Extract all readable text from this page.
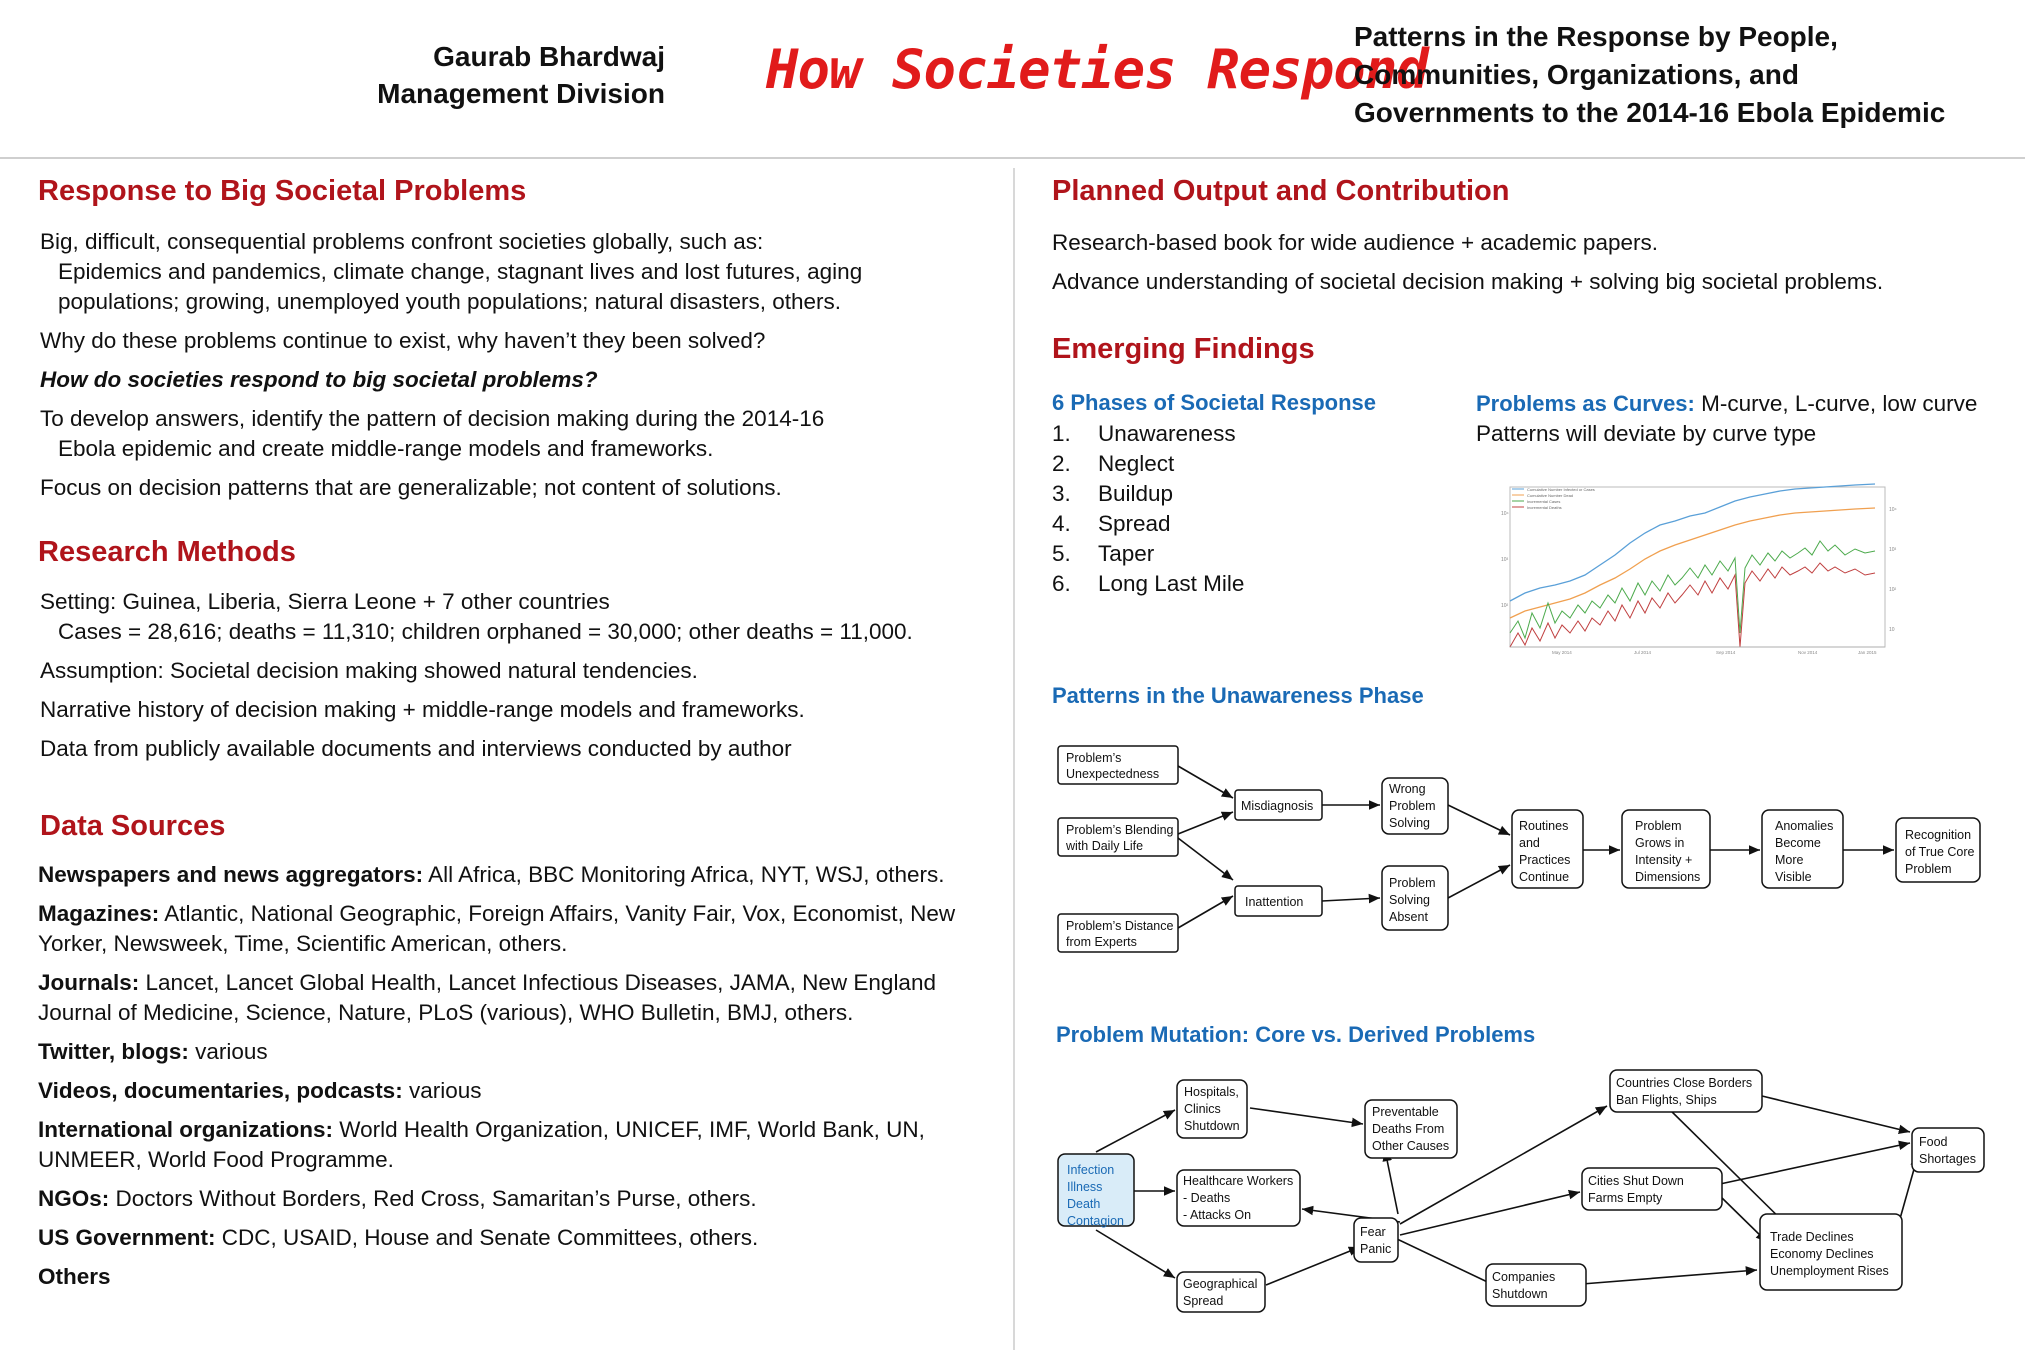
Gaurab Bhardwaj
Management Division How Societies Respond
Patterns in the Response by People,
Communities, Organizations, and
Governments to the 2014-16 Ebola Epidemic
Response to Big Societal Problems

Big, difficult, consequential problems confront societies globally, such as:
Epidemics and pandemics, climate change, stagnant lives and lost futures, aging
populations; growing, unemployed youth populations; natural disasters, others.

Why do these problems continue to exist, why haven’t they been solved?

How do societies respond to big societal problems?

To develop answers, identify the pattern of decision making during the 2014-16
Ebola epidemic and create middle-range models and frameworks.

Focus on decision patterns that are generalizable; not content of solutions.

Research Methods

Setting: Guinea, Liberia, Sierra Leone + 7 other countries
Cases = 28,616; deaths = 11,310; children orphaned = 30,000; other deaths = 11,000.

Assumption: Societal decision making showed natural tendencies.

Narrative history of decision making + middle-range models and frameworks.

Data from publicly available documents and interviews conducted by author

Data Sources

Newspapers and news aggregators: All Africa, BBC Monitoring Africa, NYT, WSJ, others.

Magazines: Atlantic, National Geographic, Foreign Affairs, Vanity Fair, Vox, Economist, New Yorker, Newsweek, Time, Scientific American, others.

Journals: Lancet, Lancet Global Health, Lancet Infectious Diseases, JAMA, New England Journal of Medicine, Science, Nature, PLoS (various), WHO Bulletin, BMJ, others.

Twitter, blogs: various

Videos, documentaries, podcasts: various

International organizations: World Health Organization, UNICEF, IMF, World Bank, UN, UNMEER, World Food Programme.

NGOs: Doctors Without Borders, Red Cross, Samaritan’s Purse, others.

US Government: CDC, USAID, House and Senate Committees, others.

Others

Planned Output and Contribution

Research-based book for wide audience + academic papers.

Advance understanding of societal decision making + solving big societal problems.

Emerging Findings
6 Phases of Societal Response
1. Unawareness
2. Neglect
3. Buildup
4. Spread
5. Taper
6. Long Last Mile
Problems as Curves: M-curve, L-curve, low curve
Patterns will deviate by curve type
Cumulative Number Infected or Cases
Cumulative Number Dead
Incremental Cases
Incremental Deaths
May 2014	Jul 2014	Sep 2014	Nov 2014	Jan 2015
10⁴
10³
10²
10⁴
10³
10²
10
Patterns in the Unawareness Phase
Problem’s
Unexpectedness
Problem’s Blending
with Daily Life
Problem’s Distance
from Experts
Misdiagnosis
Inattention
Wrong
Problem
Solving
Problem
Solving
Absent
Routines
and
Practices
Continue
Problem
Grows in
Intensity +
Dimensions
Anomalies
Become
More
Visible
Recognition
of True Core
Problem
Problem Mutation: Core vs. Derived Problems
Infection
Illness
Death
Contagion
Hospitals,
Clinics
Shutdown
Healthcare Workers
- Deaths
- Attacks On
Geographical
Spread
Preventable
Deaths From
Other Causes
Fear
Panic
Countries Close Borders
Ban Flights, Ships
Cities Shut Down
Farms Empty
Companies
Shutdown
Trade Declines
Economy Declines
Unemployment Rises
Food
Shortages
